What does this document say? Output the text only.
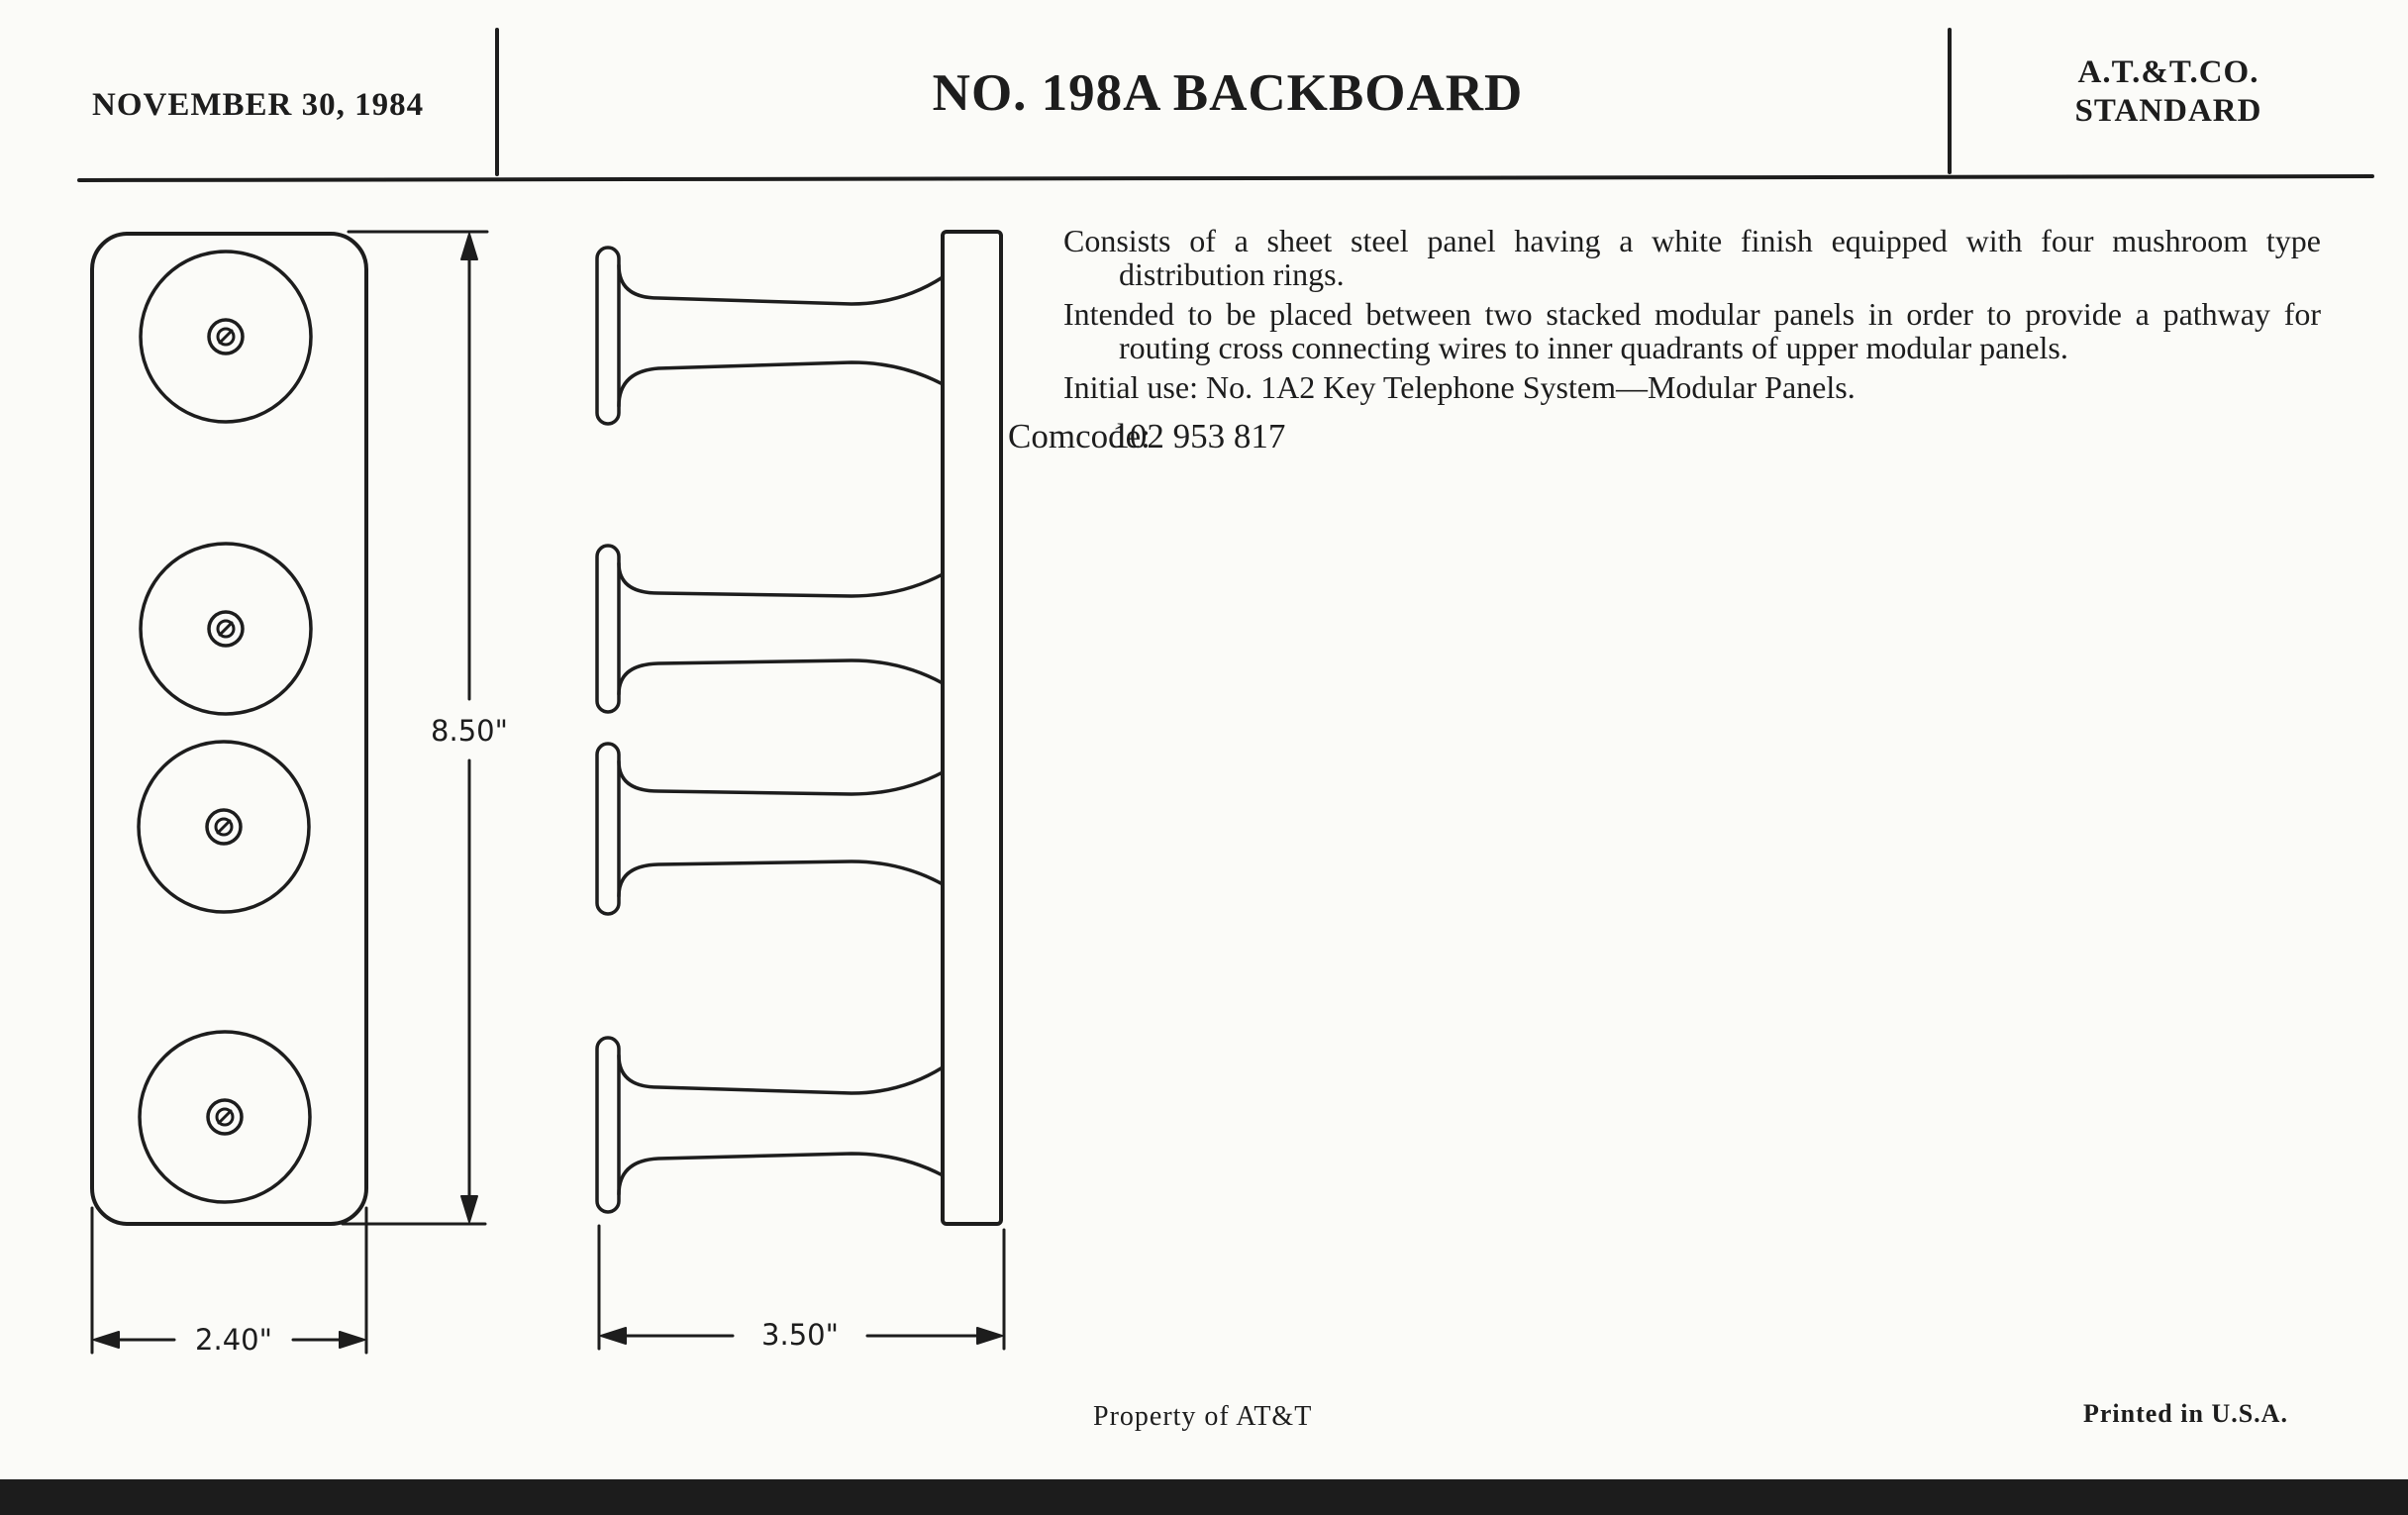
NOVEMBER 30, 1984	NO. 198A BACKBOARD	A.T.&T.CO.
STANDARD
8.50"
2.40"	3.50"

Consists of a sheet steel panel having a white finish equipped with four mushroom type distribution rings.

Intended to be placed between two stacked modular panels in order to provide a pathway for routing cross connecting wires to inner quadrants of upper modular panels.

Initial use: No. 1A2 Key Telephone System—Modular Panels.

Comcode:  102 953 817

Property of AT&T	Printed in U.S.A.
